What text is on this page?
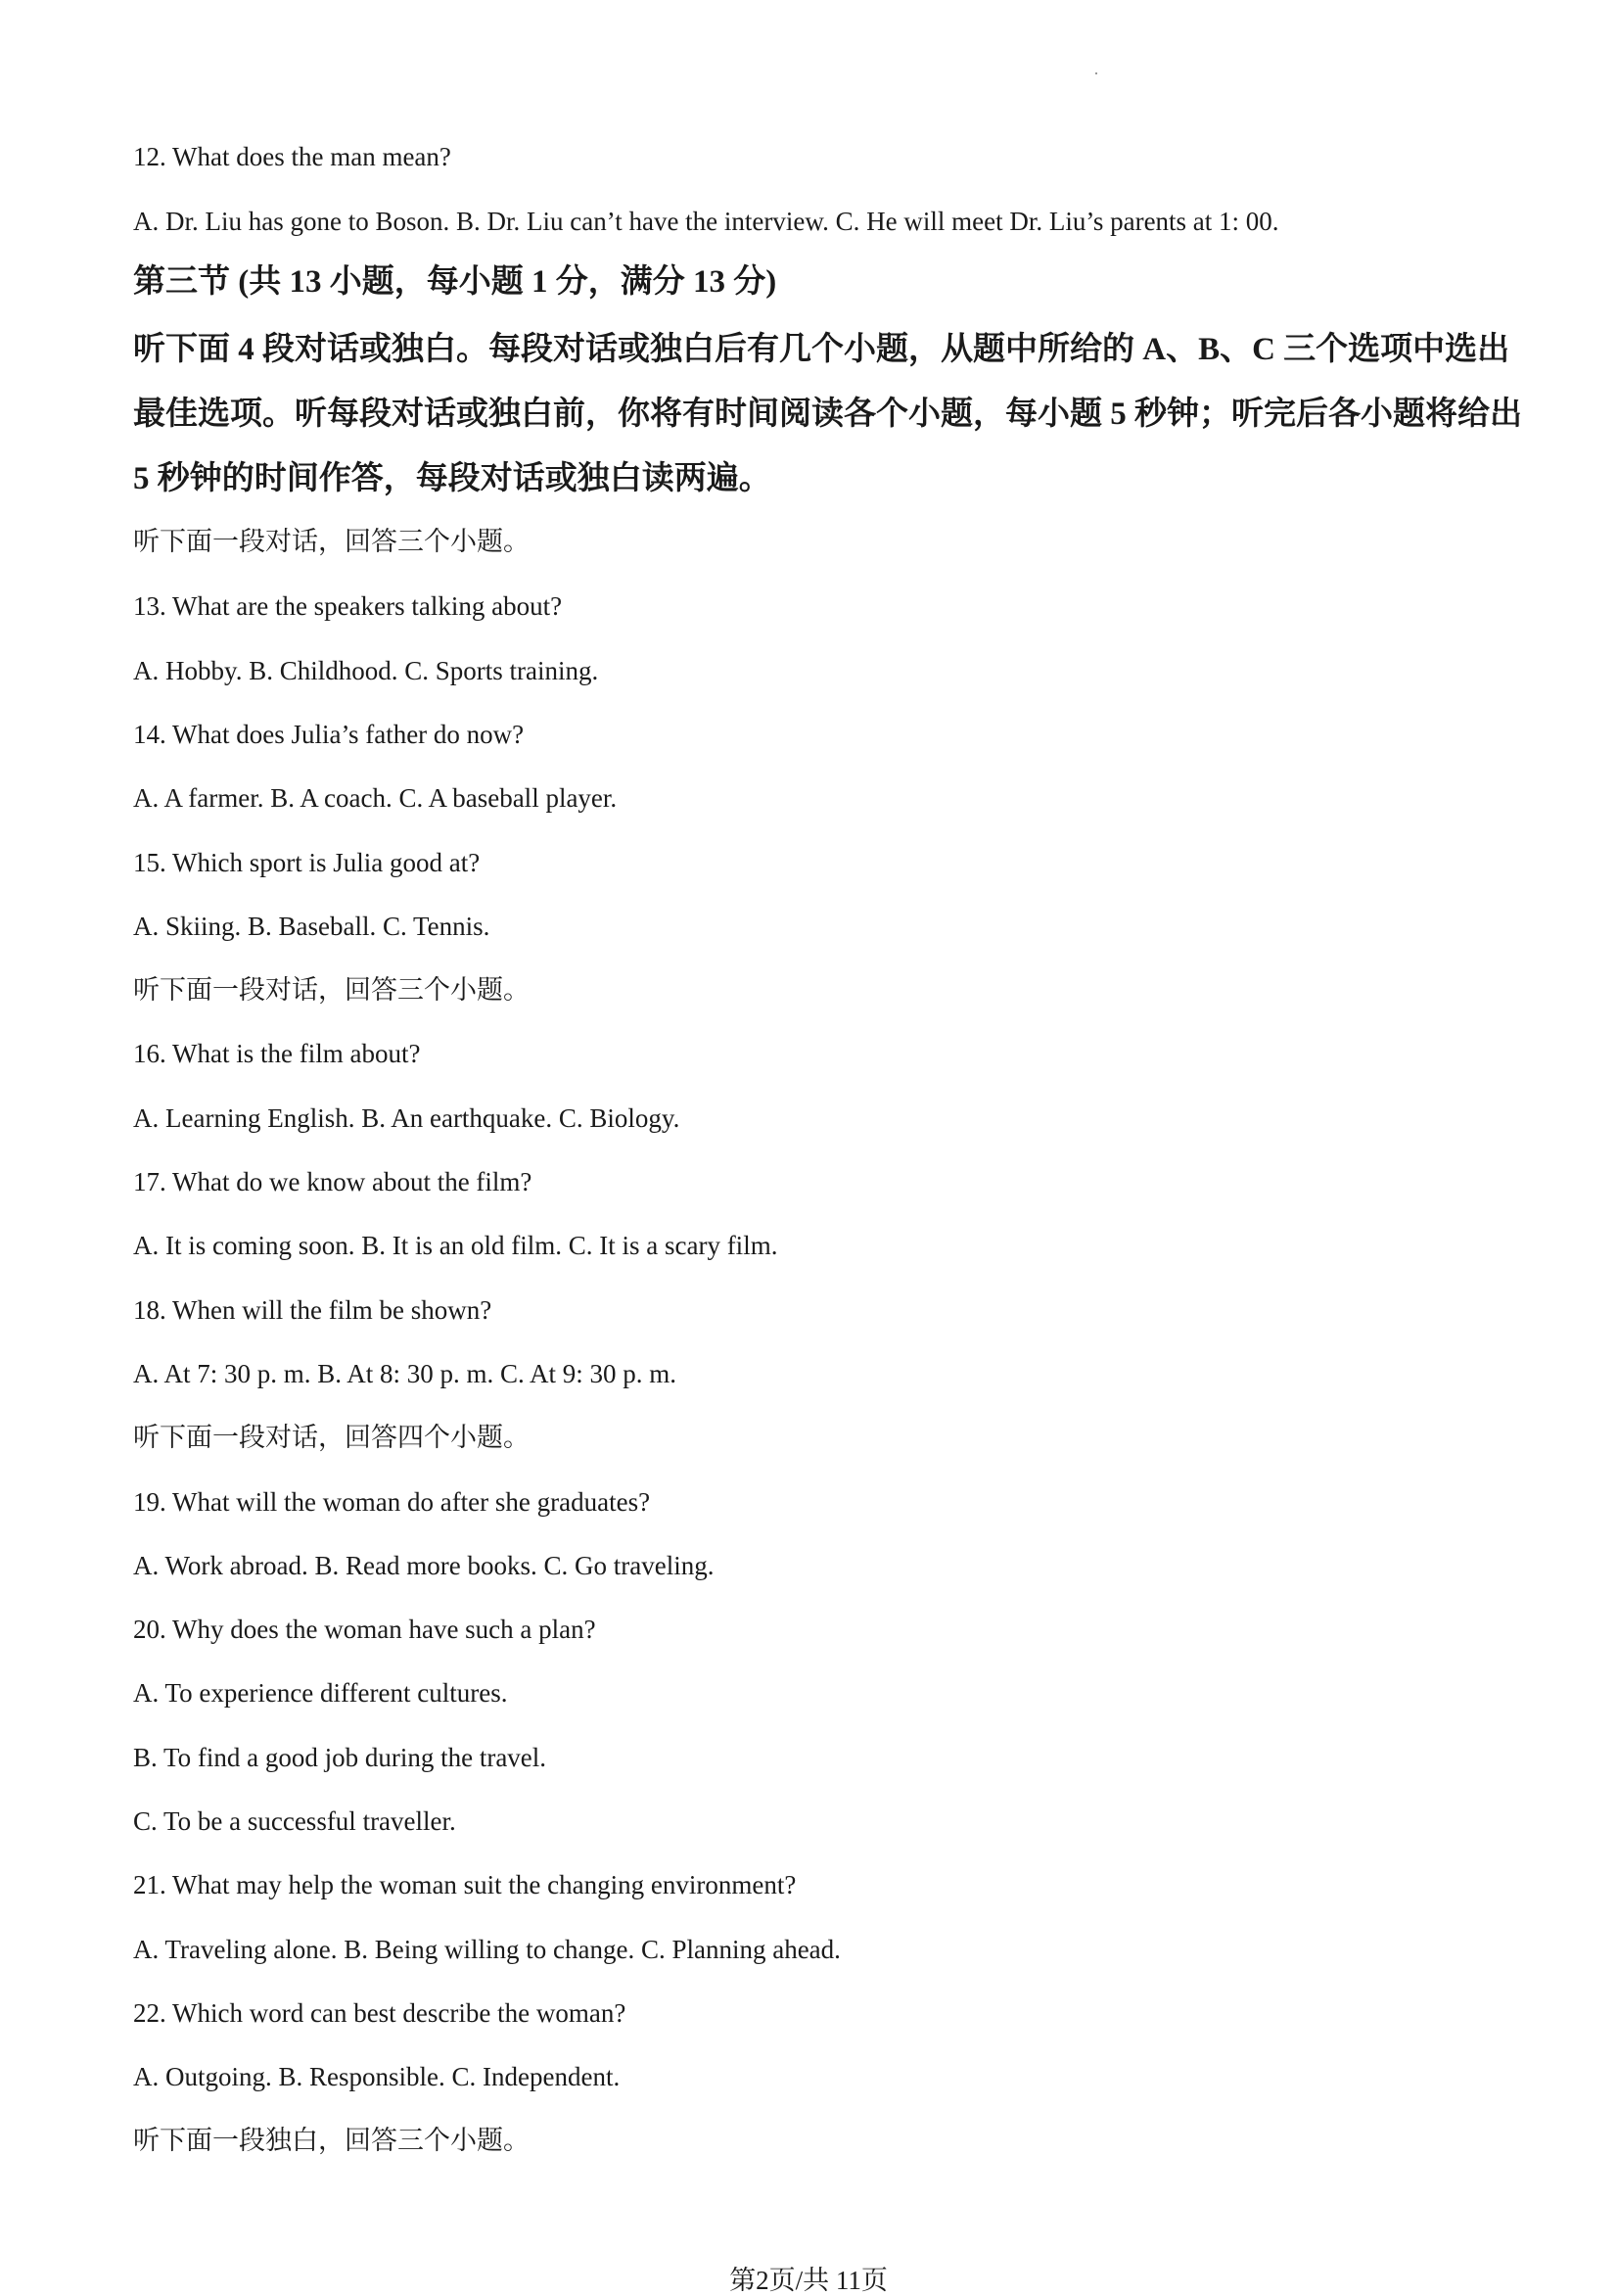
12. What does the man mean?
A. Dr. Liu has gone to Boson. B. Dr. Liu can’t have the interview. C. He will meet Dr. Liu’s parents at 1: 00.
第三节 (共 13 小题，每小题 1 分，满分 13 分)
听下面 4 段对话或独白。每段对话或独白后有几个小题，从题中所给的 A、B、C 三个选项中选出最佳选项。听每段对话或独白前，你将有时间阅读各个小题，每小题 5 秒钟；听完后各小题将给出 5 秒钟的时间作答，每段对话或独白读两遍。
听下面一段对话，回答三个小题。
13. What are the speakers talking about?
A. Hobby. B. Childhood. C. Sports training.
14. What does Julia’s father do now?
A. A farmer. B. A coach. C. A baseball player.
15. Which sport is Julia good at?
A. Skiing. B. Baseball. C. Tennis.
听下面一段对话，回答三个小题。
16. What is the film about?
A. Learning English. B. An earthquake. C. Biology.
17. What do we know about the film?
A. It is coming soon. B. It is an old film. C. It is a scary film.
18. When will the film be shown?
A. At 7: 30 p. m. B. At 8: 30 p. m. C. At 9: 30 p. m.
听下面一段对话，回答四个小题。
19. What will the woman do after she graduates?
A. Work abroad. B. Read more books. C. Go traveling.
20. Why does the woman have such a plan?
A. To experience different cultures.
B. To find a good job during the travel.
C. To be a successful traveller.
21. What may help the woman suit the changing environment?
A. Traveling alone. B. Being willing to change. C. Planning ahead.
22. Which word can best describe the woman?
A. Outgoing. B. Responsible. C. Independent.
听下面一段独白，回答三个小题。
第2页/共 11页
